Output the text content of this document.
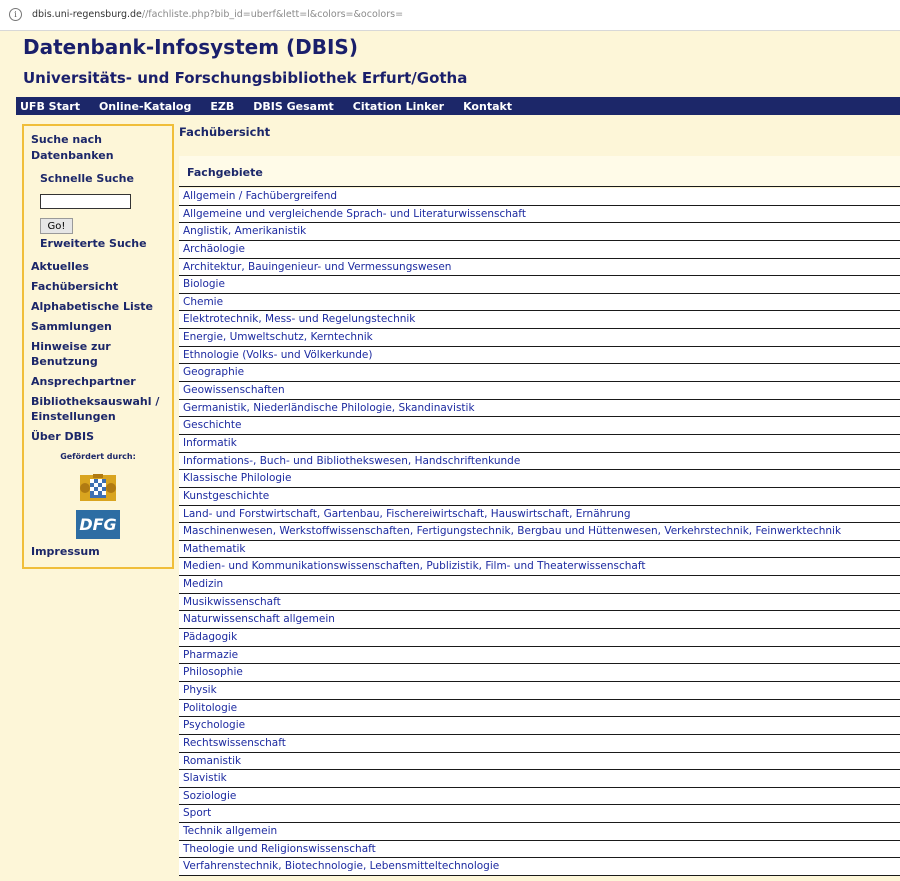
i	dbis.uni-regensburg.de//fachliste.php?bib_id=uberf&lett=l&colors=&ocolors=
Datenbank-Infosystem (DBIS)
Universitäts- und Forschungsbibliothek Erfurt/Gotha
UFB Start Online-Katalog EZB DBIS Gesamt Citation Linker Kontakt
Suche nach
Datenbanken
Schnelle Suche
Go!
Erweiterte Suche
Aktuelles
Fachübersicht
Alphabetische Liste
Sammlungen
Hinweise zur
Benutzung
Ansprechpartner
Bibliotheksauswahl /
Einstellungen
Über DBIS
Gefördert durch:
DFG
Impressum
Fachübersicht
Fachgebiete
Allgemein / Fachübergreifend
Allgemeine und vergleichende Sprach- und Literaturwissenschaft
Anglistik, Amerikanistik
Archäologie
Architektur, Bauingenieur- und Vermessungswesen
Biologie
Chemie
Elektrotechnik, Mess- und Regelungstechnik
Energie, Umweltschutz, Kerntechnik
Ethnologie (Volks- und Völkerkunde)
Geographie
Geowissenschaften
Germanistik, Niederländische Philologie, Skandinavistik
Geschichte
Informatik
Informations-, Buch- und Bibliothekswesen, Handschriftenkunde
Klassische Philologie
Kunstgeschichte
Land- und Forstwirtschaft, Gartenbau, Fischereiwirtschaft, Hauswirtschaft, Ernährung
Maschinenwesen, Werkstoffwissenschaften, Fertigungstechnik, Bergbau und Hüttenwesen, Verkehrstechnik, Feinwerktechnik
Mathematik
Medien- und Kommunikationswissenschaften, Publizistik, Film- und Theaterwissenschaft
Medizin
Musikwissenschaft
Naturwissenschaft allgemein
Pädagogik
Pharmazie
Philosophie
Physik
Politologie
Psychologie
Rechtswissenschaft
Romanistik
Slavistik
Soziologie
Sport
Technik allgemein
Theologie und Religionswissenschaft
Verfahrenstechnik, Biotechnologie, Lebensmitteltechnologie
